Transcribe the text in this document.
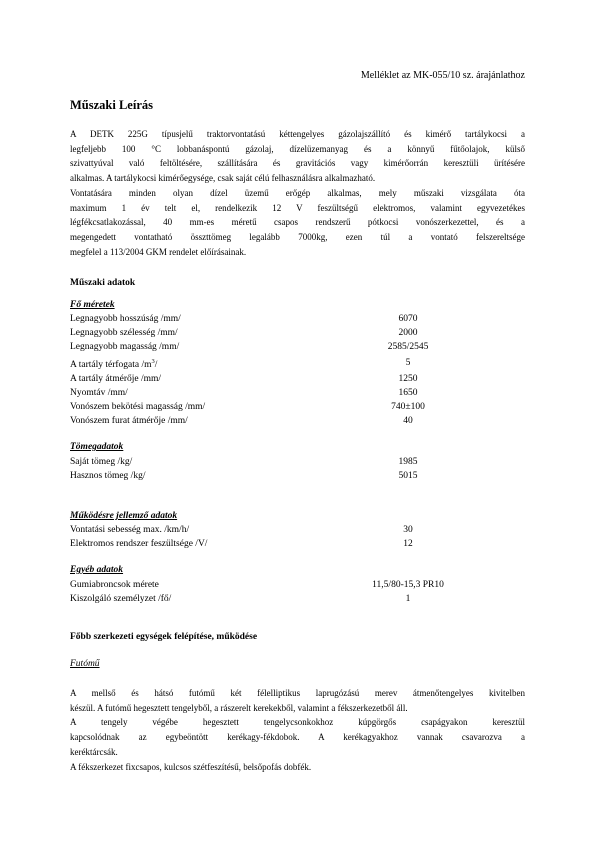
Melléklet az MK-055/10 sz. árajánlathoz
Műszaki Leírás
A DETK 225G típusjelű traktorvontatású kéttengelyes gázolajszállító és kimérő tartálykocsi a
legfeljebb 100 °C lobbanáspontú gázolaj, dízelüzemanyag és a könnyű fűtőolajok, külső
szivattyúval való feltöltésére, szállítására és gravitációs vagy kimérőorrán keresztüli ürítésére
alkalmas. A tartálykocsi kimérőegysége, csak saját célú felhasználásra alkalmazható.
Vontatására minden olyan dízel üzemű erőgép alkalmas, mely műszaki vizsgálata óta
maximum 1 év telt el, rendelkezik 12 V feszültségű elektromos, valamint egyvezetékes
légfékcsatlakozással, 40 mm-es méretű csapos rendszerű pótkocsi vonószerkezettel, és a
megengedett vontatható összttömeg legalább 7000kg, ezen túl a vontató felszereltsége
megfelel a 113/2004 GKM rendelet előírásainak.
Műszaki adatok
Fő méretek
Legnagyobb hosszúság /mm/	6070
Legnagyobb szélesség /mm/	2000
Legnagyobb magasság /mm/	2585/2545
A tartály térfogata $/m^3/$	5
A tartály átmérője /mm/	1250
Nyomtáv /mm/	1650
Vonószem bekötési magasság /mm/	740±100
Vonószem furat átmérője /mm/	40
Tömegadatok
Saját tömeg /kg/	1985
Hasznos tömeg /kg/	5015
Működésre jellemző adatok
Vontatási sebesség max. /km/h/	30
Elektromos rendszer feszültsége /V/	12
Egyéb adatok
Gumiabroncsok mérete	11,5/80-15,3 PR10
Kiszolgáló személyzet /fő/	1
Főbb szerkezeti egységek felépítése, működése
Futómű
A mellső és hátsó futómű két félelliptikus laprugózású merev átmenőtengelyes kivitelben
készül. A futómű hegesztett tengelyből, a rászerelt kerekekből, valamint a fékszerkezetből áll.
A tengely végébe hegesztett tengelycsonkokhoz kúpgörgős csapágyakon keresztül
kapcsolódnak az egybeöntött kerékagy-fékdobok. A kerékagyakhoz vannak csavarozva a
keréktárcsák.
A fékszerkezet fixcsapos, kulcsos szétfeszítésű, belsőpofás dobfék.
